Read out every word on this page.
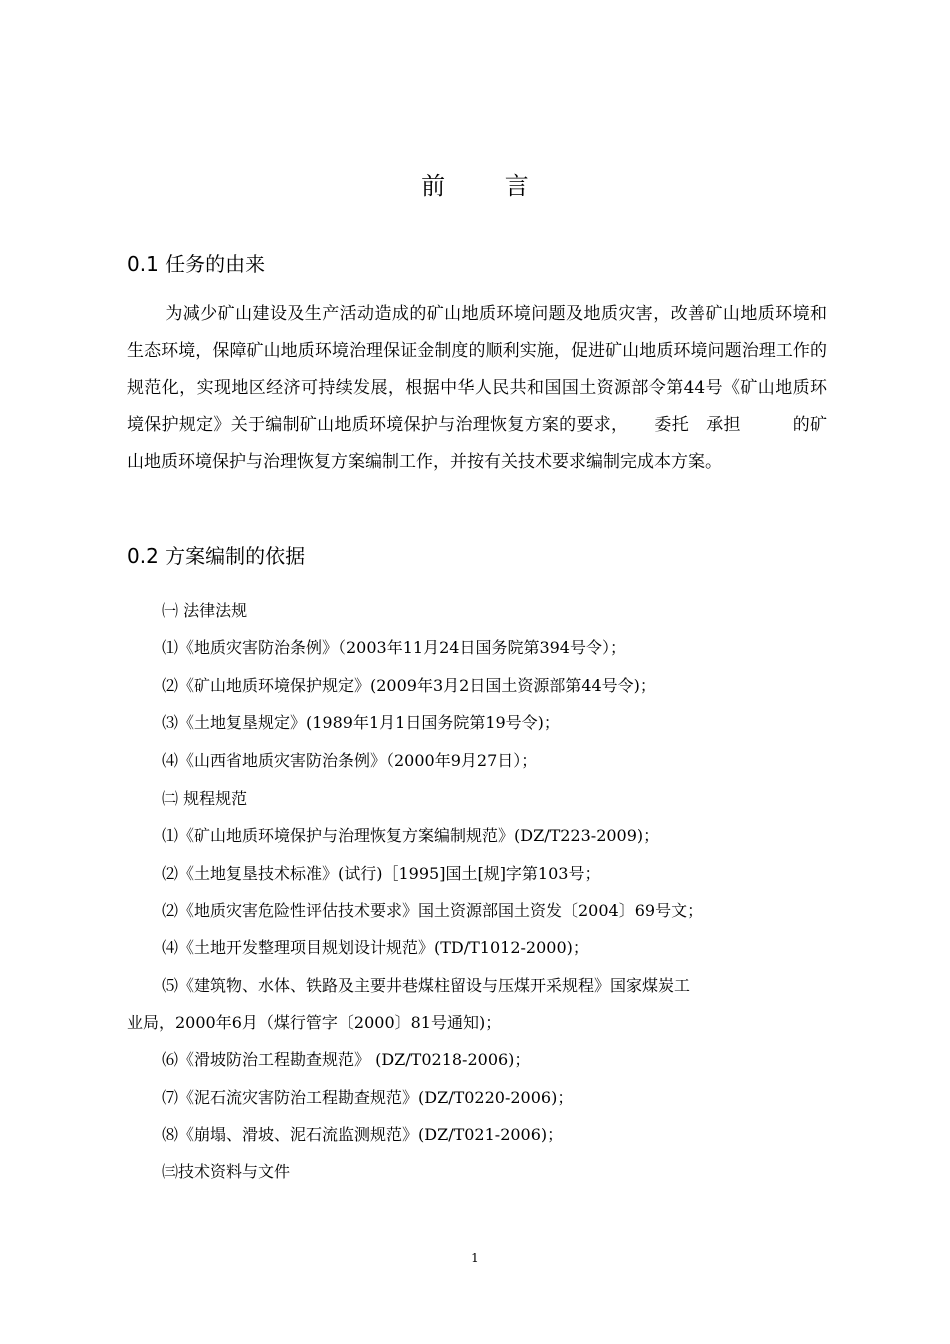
前 言
0.1 任务的由来
为减少矿山建设及生产活动造成的矿山地质环境问题及地质灾害，改善矿山地质环境和生态环境，保障矿山地质环境治理保证金制度的顺利实施，促进矿山地质环境问题治理工作的规范化，实现地区经济可持续发展，根据中华人民共和国国土资源部令第44号《矿山地质环境保护规定》关于编制矿山地质环境保护与治理恢复方案的要求，　　委托　承担　　　的矿山地质环境保护与治理恢复方案编制工作，并按有关技术要求编制完成本方案。
0.2 方案编制的依据
㈠ 法律法规
⑴《地质灾害防治条例》（2003年11月24日国务院第394号令）；
⑵《矿山地质环境保护规定》(2009年3月2日国土资源部第44号令)；
⑶《土地复垦规定》(1989年1月1日国务院第19号令)；
⑷《山西省地质灾害防治条例》（2000年9月27日）；
㈡ 规程规范
⑴《矿山地质环境保护与治理恢复方案编制规范》(DZ/T223-2009)；
⑵《土地复垦技术标准》(试行)［1995]国土[规]字第103号；
⑵《地质灾害危险性评估技术要求》国土资源部国土资发〔2004〕69号文；
⑷《土地开发整理项目规划设计规范》(TD/T1012-2000)；
⑸《建筑物、水体、铁路及主要井巷煤柱留设与压煤开采规程》国家煤炭工
业局，2000年6月（煤行管字〔2000〕81号通知)；
⑹《滑坡防治工程勘查规范》 (DZ/T0218-2006)；
⑺《泥石流灾害防治工程勘查规范》(DZ/T0220-2006)；
⑻《崩塌、滑坡、泥石流监测规范》(DZ/T021-2006)；
㈢技术资料与文件
1
